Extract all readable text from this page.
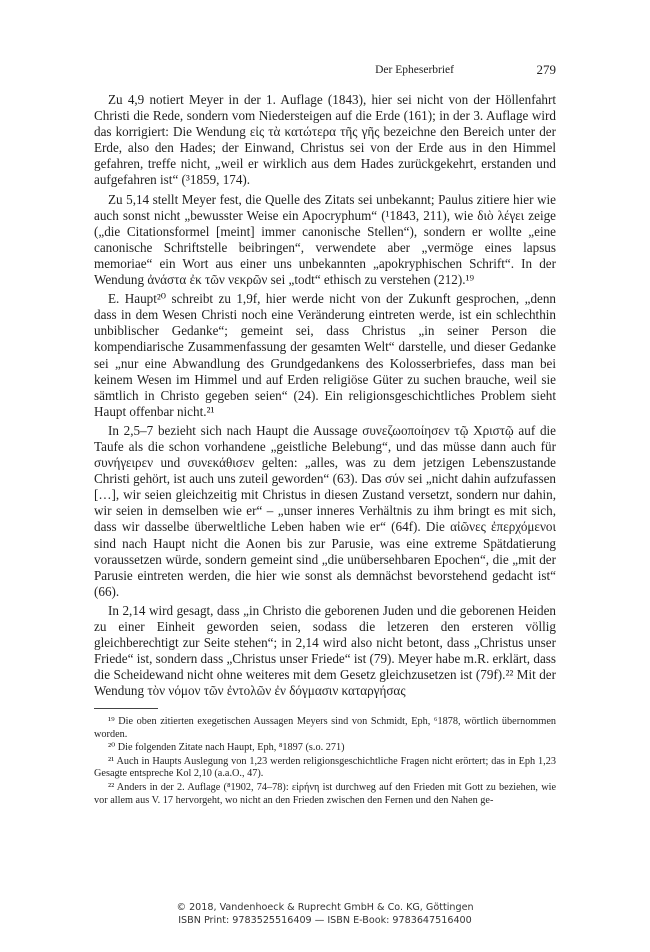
Der Epheserbrief	279

Zu 4,9 notiert Meyer in der 1. Auflage (1843), hier sei nicht von der Höllenfahrt Christi die Rede, sondern vom Niedersteigen auf die Erde (161); in der 3. Auflage wird das korrigiert: Die Wendung εἰς τὰ κατώτερα τῆς γῆς bezeichne den Bereich unter der Erde, also den Hades; der Einwand, Christus sei von der Erde aus in den Himmel gefahren, treffe nicht, „weil er wirklich aus dem Hades zurückgekehrt, erstanden und aufgefahren ist“ (³1859, 174).

Zu 5,14 stellt Meyer fest, die Quelle des Zitats sei unbekannt; Paulus zitiere hier wie auch sonst nicht „bewusster Weise ein Apocryphum“ (¹1843, 211), wie διὸ λέγει zeige („die Citationsformel [meint] immer canonische Stellen“), sondern er wollte „eine canonische Schriftstelle beibringen“, verwendete aber „vermöge eines lapsus memoriae“ ein Wort aus einer uns unbekannten „apokryphischen Schrift“. In der Wendung ἀνάστα ἐκ τῶν νεκρῶν sei „todt“ ethisch zu verstehen (212).¹⁹

E. Haupt²⁰ schreibt zu 1,9f, hier werde nicht von der Zukunft gesprochen, „denn dass in dem Wesen Christi noch eine Veränderung eintreten werde, ist ein schlechthin unbiblischer Gedanke“; gemeint sei, dass Christus „in seiner Person die kompendiarische Zusammenfassung der gesamten Welt“ darstelle, und dieser Gedanke sei „nur eine Abwandlung des Grundgedankens des Kolosserbriefes, dass man bei keinem Wesen im Himmel und auf Erden religiöse Güter zu suchen brauche, weil sie sämtlich in Christo gegeben seien“ (24). Ein religionsgeschichtliches Problem sieht Haupt offenbar nicht.²¹

In 2,5–7 bezieht sich nach Haupt die Aussage συνεζωοποίησεν τῷ Χριστῷ auf die Taufe als die schon vorhandene „geistliche Belebung“, und das müsse dann auch für συνήγειρεν und συνεκάθισεν gelten: „alles, was zu dem jetzigen Lebenszustande Christi gehört, ist auch uns zuteil geworden“ (63). Das σύν sei „nicht dahin aufzufassen […], wir seien gleichzeitig mit Christus in diesen Zustand versetzt, sondern nur dahin, wir seien in demselben wie er“ – „unser inneres Verhältnis zu ihm bringt es mit sich, dass wir dasselbe überweltliche Leben haben wie er“ (64f). Die αἰῶνες ἐπερχόμενοι sind nach Haupt nicht die Aonen bis zur Parusie, was eine extreme Spätdatierung voraussetzen würde, sondern gemeint sind „die unübersehbaren Epochen“, die „mit der Parusie eintreten werden, die hier wie sonst als demnächst bevorstehend gedacht ist“ (66).

In 2,14 wird gesagt, dass „in Christo die geborenen Juden und die geborenen Heiden zu einer Einheit geworden seien, sodass die letzeren den ersteren völlig gleichberechtigt zur Seite stehen“; in 2,14 wird also nicht betont, dass „Christus unser Friede“ ist, sondern dass „Christus unser Friede“ ist (79). Meyer habe m.R. erklärt, dass die Scheidewand nicht ohne weiteres mit dem Gesetz gleichzusetzen ist (79f).²² Mit der Wendung τὸν νόμον τῶν ἐντολῶν ἐν δόγμασιν καταργήσας

¹⁹ Die oben zitierten exegetischen Aussagen Meyers sind von Schmidt, Eph, ⁶1878, wörtlich übernommen worden.

²⁰ Die folgenden Zitate nach Haupt, Eph, ⁸1897 (s.o. 271)

²¹ Auch in Haupts Auslegung von 1,23 werden religionsgeschichtliche Fragen nicht erörtert; das in Eph 1,23 Gesagte entspreche Kol 2,10 (a.a.O., 47).

²² Anders in der 2. Auflage (⁸1902, 74–78): εἰρήνη ist durchweg auf den Frieden mit Gott zu beziehen, wie vor allem aus V. 17 hervorgeht, wo nicht an den Frieden zwischen den Fernen und den Nahen ge-

© 2018, Vandenhoeck & Ruprecht GmbH & Co. KG, Göttingen
ISBN Print: 9783525516409 — ISBN E-Book: 9783647516400
